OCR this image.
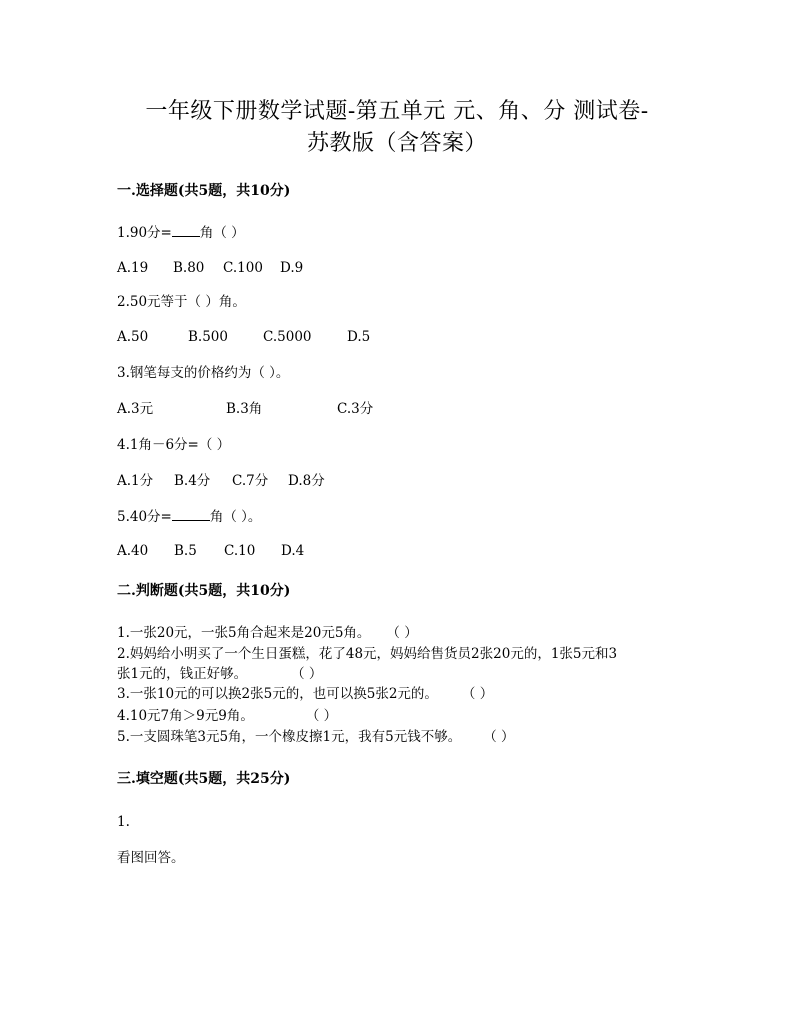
一年级下册数学试题-第五单元 元、角、分 测试卷-
苏教版（含答案）
一.选择题(共5题，共10分)
1.90分= 角（ ）
A.19 B.80 C.100 D.9
2.50元等于（ ）角。
A.50	B.500	C.5000	D.5
3.钢笔每支的价格约为（ ）。
A.3元	B.3角	C.3分
4.1角－6分=（ ）
A.1分 B.4分 C.7分 D.8分
5.40分=	角（ ）。
A.40 B.5 C.10 D.4
二.判断题(共5题，共10分)
1.一张20元，一张5角合起来是20元5角。 （ ）
2.妈妈给小明买了一个生日蛋糕，花了48元，妈妈给售货员2张20元的，1张5元和3
张1元的，钱正好够。	（ ）
3.一张10元的可以换2张5元的，也可以换5张2元的。 （ ）
4.10元7角＞9元9角。	（ ）
5.一支圆珠笔3元5角，一个橡皮擦1元，我有5元钱不够。 （ ）
三.填空题(共5题，共25分)
1.
看图回答。
